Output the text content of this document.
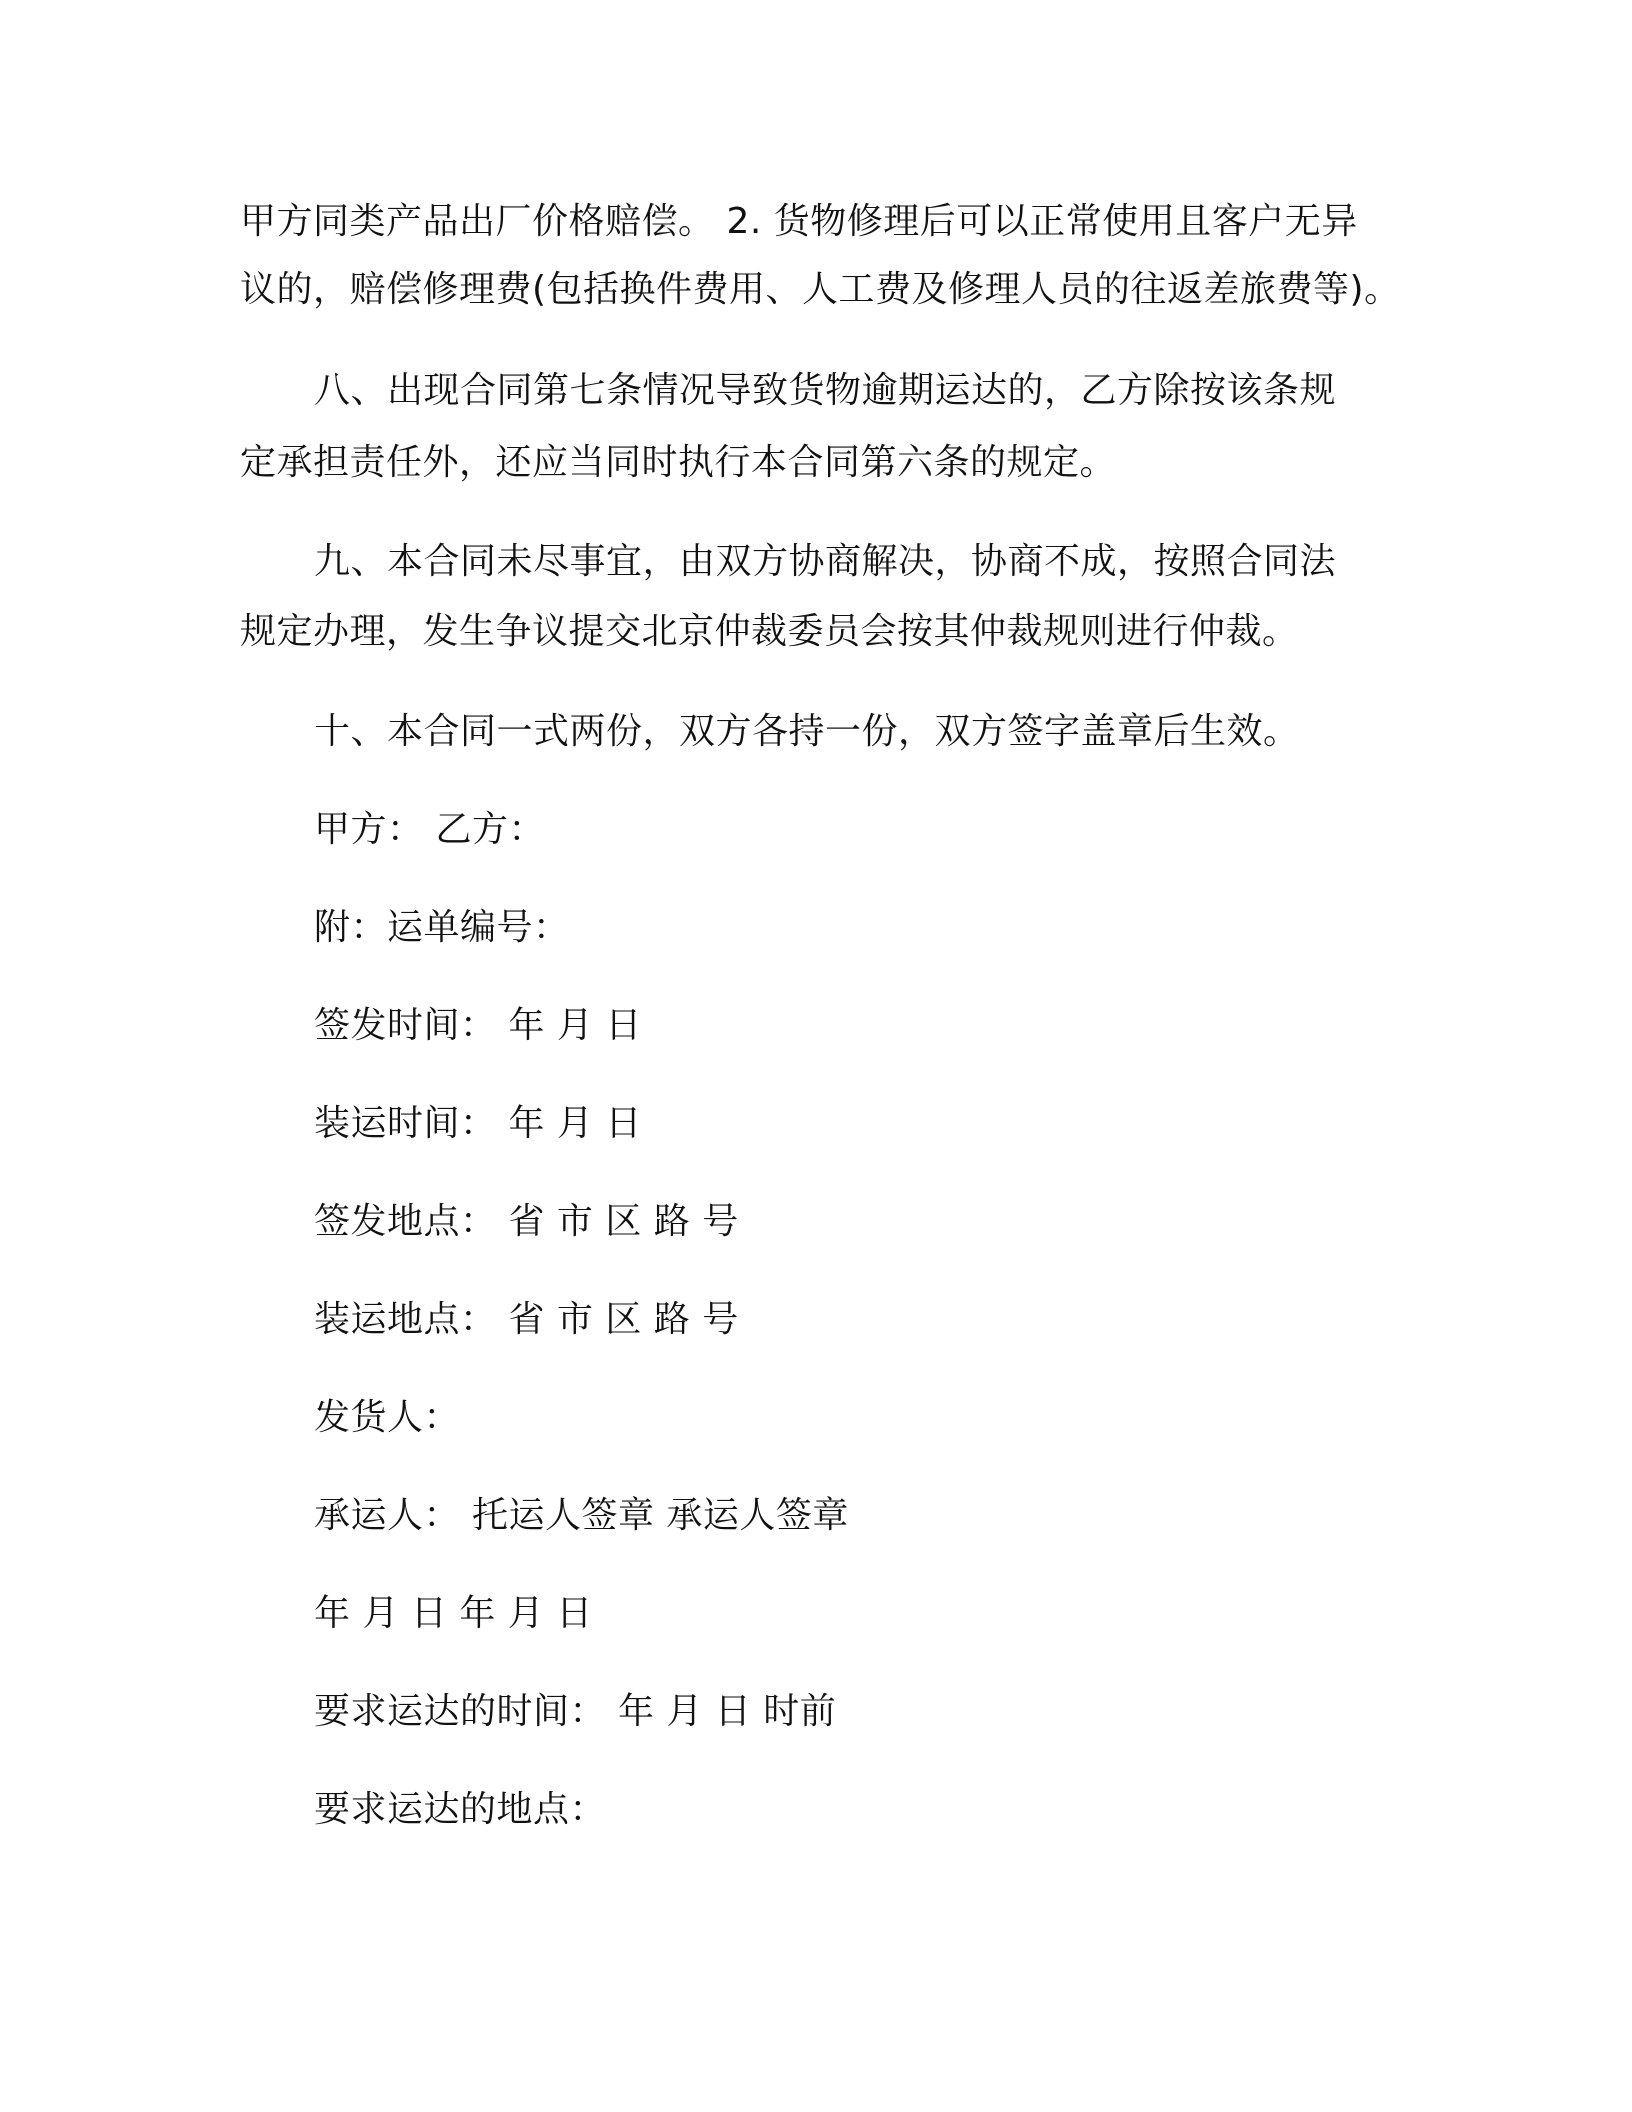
甲方同类产品出厂价格赔偿。 2. 货物修理后可以正常使用且客户无异

议的，赔偿修理费(包括换件费用、人工费及修理人员的往返差旅费等)。

八、出现合同第七条情况导致货物逾期运达的，乙方除按该条规

定承担责任外，还应当同时执行本合同第六条的规定。

九、本合同未尽事宜，由双方协商解决，协商不成，按照合同法

规定办理，发生争议提交北京仲裁委员会按其仲裁规则进行仲裁。

十、本合同一式两份，双方各持一份，双方签字盖章后生效。

甲方： 乙方：

附：运单编号：

签发时间： 年 月 日

装运时间： 年 月 日

签发地点： 省 市 区 路 号

装运地点： 省 市 区 路 号

发货人：

承运人： 托运人签章 承运人签章

年 月 日 年 月 日

要求运达的时间： 年 月 日 时前

要求运达的地点：
